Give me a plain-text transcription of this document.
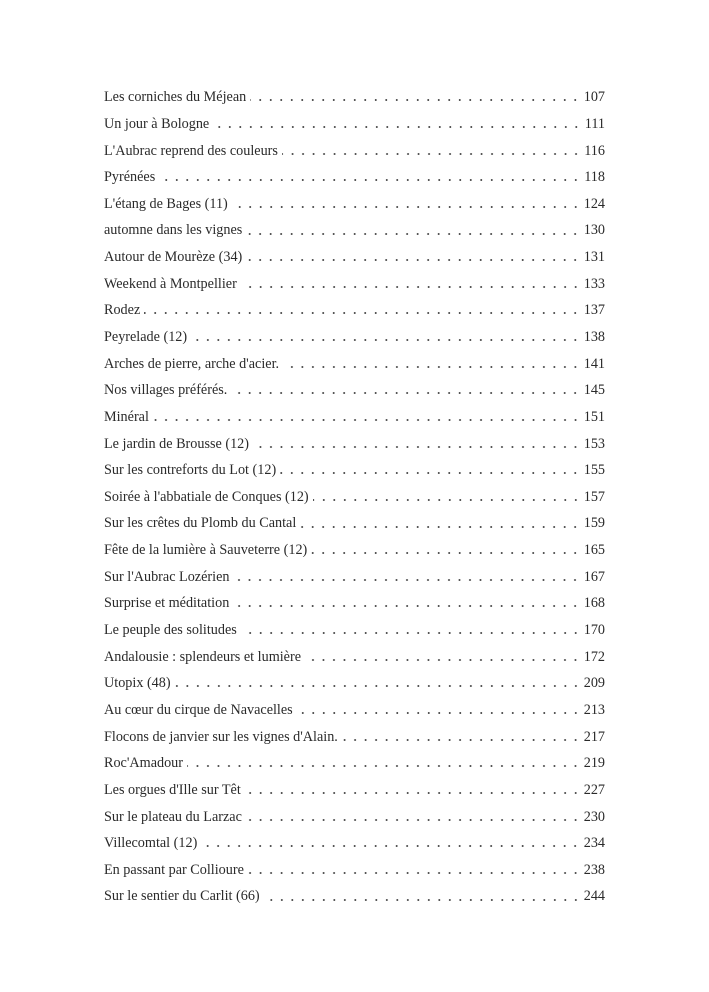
Les corniches du Méjean	107
Un jour à Bologne	111
L'Aubrac reprend des couleurs	116
Pyrénées	118
L'étang de Bages (11)	124
automne dans les vignes	130
Autour de Mourèze (34)	131
Weekend à Montpellier	133
Rodez	137
Peyrelade (12)	138
Arches de pierre, arche d'acier.	141
Nos villages préférés.	145
Minéral	151
Le jardin de Brousse (12)	153
Sur les contreforts du Lot (12)	155
Soirée à l'abbatiale de Conques (12)	157
Sur les crêtes du Plomb du Cantal	159
Fête de la lumière à Sauveterre (12)	165
Sur l'Aubrac Lozérien	167
Surprise et méditation	168
Le peuple des solitudes	170
Andalousie : splendeurs et lumière	172
Utopix (48)	209
Au cœur du cirque de Navacelles	213
Flocons de janvier sur les vignes d'Alain.	217
Roc'Amadour	219
Les orgues d'Ille sur Têt	227
Sur le plateau du Larzac	230
Villecomtal (12)	234
En passant par Collioure	238
Sur le sentier du Carlit (66)	244
